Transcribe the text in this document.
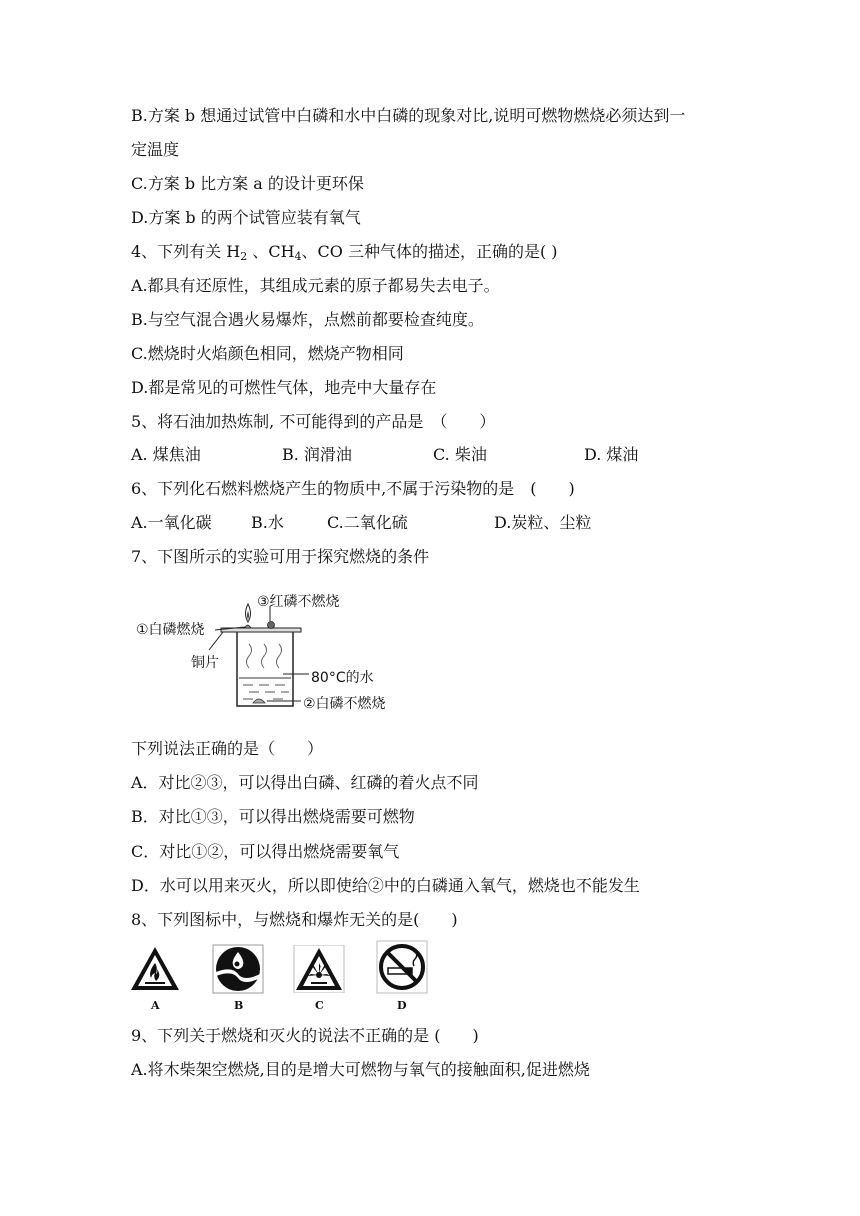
B.方案 b 想通过试管中白磷和水中白磷的现象对比,说明可燃物燃烧必须达到一
定温度
C.方案 b 比方案 a 的设计更环保
D.方案 b 的两个试管应装有氧气
4、下列有关 $H_2$ 、$CH_4$、CO 三种气体的描述，正确的是( )
A.都具有还原性，其组成元素的原子都易失去电子。
B.与空气混合遇火易爆炸，点燃前都要检查纯度。
C.燃烧时火焰颜色相同，燃烧产物相同
D.都是常见的可燃性气体，地壳中大量存在
5、将石油加热炼制, 不可能得到的产品是　（　　）
A. 煤焦油	B. 润滑油	C. 柴油	D. 煤油
6、下列化石燃料燃烧产生的物质中,不属于污染物的是　(　　)
A.一氧化碳 B.水	C.二氧化硫	D.炭粒、尘粒
7、下图所示的实验可用于探究燃烧的条件
①白磷燃烧
③红磷不燃烧
铜片
80°C的水
②白磷不燃烧
下列说法正确的是（　　）
A．对比②③，可以得出白磷、红磷的着火点不同
B．对比①③，可以得出燃烧需要可燃物
C．对比①②，可以得出燃烧需要氧气
D．水可以用来灭火，所以即使给②中的白磷通入氧气，燃烧也不能发生
8、下列图标中，与燃烧和爆炸无关的是(　　)
A	B	C	D
9、下列关于燃烧和灭火的说法不正确的是 (　　)
A.将木柴架空燃烧,目的是增大可燃物与氧气的接触面积,促进燃烧
